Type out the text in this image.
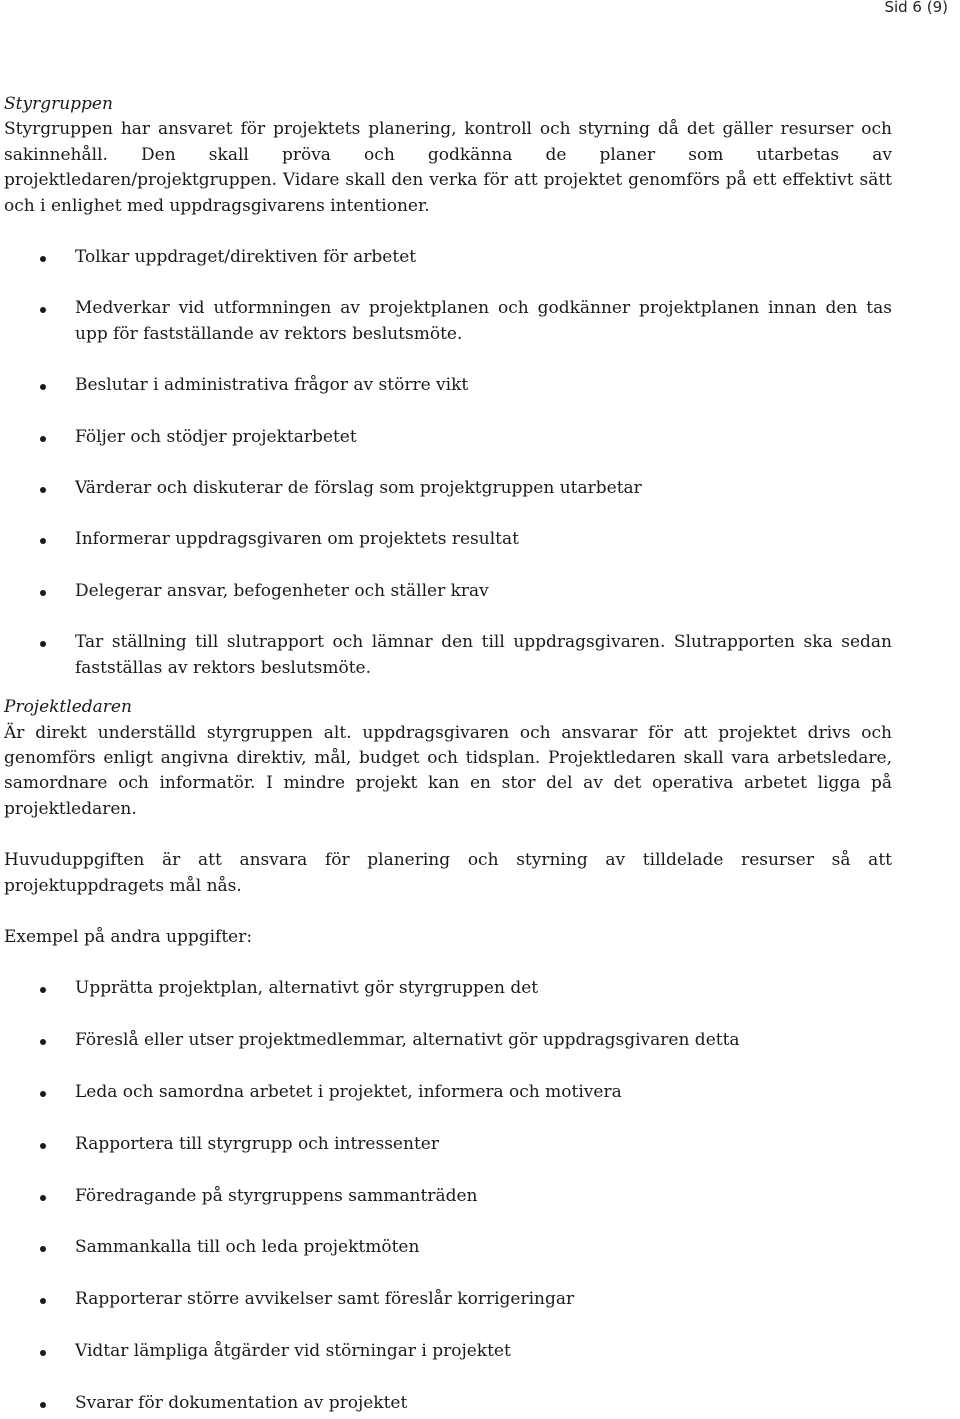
Sid 6 (9)

Styrgruppen

Styrgruppen har ansvaret för projektets planering, kontroll och styrning då det gäller resurser och sakinnehåll. Den skall pröva och godkänna de planer som utarbetas av projektledaren/projektgruppen. Vidare skall den verka för att projektet genomförs på ett effektivt sätt och i enlighet med uppdragsgivarens intentioner.

Tolkar uppdraget/direktiven för arbetet
Medverkar vid utformningen av projektplanen och godkänner projektplanen innan den tas upp för fastställande av rektors beslutsmöte.
Beslutar i administrativa frågor av större vikt
Följer och stödjer projektarbetet
Värderar och diskuterar de förslag som projektgruppen utarbetar
Informerar uppdragsgivaren om projektets resultat
Delegerar ansvar, befogenheter och ställer krav
Tar ställning till slutrapport och lämnar den till uppdragsgivaren. Slutrapporten ska sedan fastställas av rektors beslutsmöte.

Projektledaren

Är direkt underställd styrgruppen alt. uppdragsgivaren och ansvarar för att projektet drivs och genomförs enligt angivna direktiv, mål, budget och tidsplan. Projektledaren skall vara arbetsledare, samordnare och informatör. I mindre projekt kan en stor del av det operativa arbetet ligga på projektledaren.

Huvuduppgiften är att ansvara för planering och styrning av tilldelade resurser så att projektuppdragets mål nås.

Exempel på andra uppgifter:

Upprätta projektplan, alternativt gör styrgruppen det
Föreslå eller utser projektmedlemmar, alternativt gör uppdragsgivaren detta
Leda och samordna arbetet i projektet, informera och motivera
Rapportera till styrgrupp och intressenter
Föredragande på styrgruppens sammanträden
Sammankalla till och leda projektmöten
Rapporterar större avvikelser samt föreslår korrigeringar
Vidtar lämpliga åtgärder vid störningar i projektet
Svarar för dokumentation av projektet
